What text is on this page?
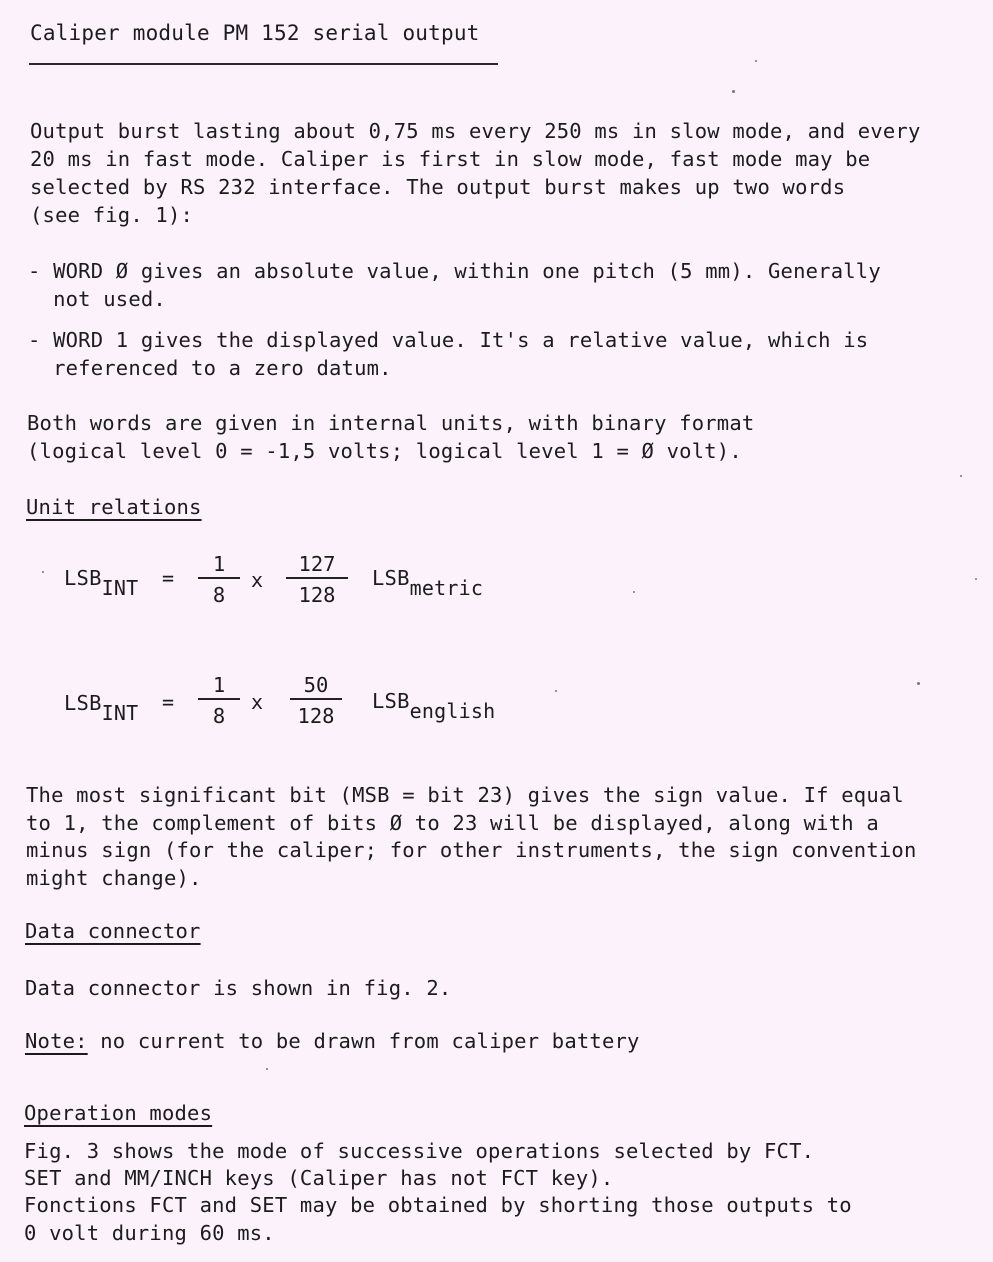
Caliper module PM 152 serial output
Output burst lasting about 0,75 ms every 250 ms in slow mode, and every
20 ms in fast mode. Caliper is first in slow mode, fast mode may be
selected by RS 232 interface. The output burst makes up two words
(see fig. 1):
- WORD Ø gives an absolute value, within one pitch (5 mm). Generally
not used.
- WORD 1 gives the displayed value. It's a relative value, which is
referenced to a zero datum.
Both words are given in internal units, with binary format
(logical level 0 = -1,5 volts; logical level 1 = Ø volt).
Unit relations
LSBINT =
1
8
x
127
128
LSBmetric
LSBINT =
1
8
x
50
128
LSBenglish
The most significant bit (MSB = bit 23) gives the sign value. If equal
to 1, the complement of bits Ø to 23 will be displayed, along with a
minus sign (for the caliper; for other instruments, the sign convention
might change).
Data connector
Data connector is shown in fig. 2.
Note: no current to be drawn from caliper battery
Operation modes
Fig. 3 shows the mode of successive operations selected by FCT.
SET and MM/INCH keys (Caliper has not FCT key).
Fonctions FCT and SET may be obtained by shorting those outputs to
0 volt during 60 ms.
